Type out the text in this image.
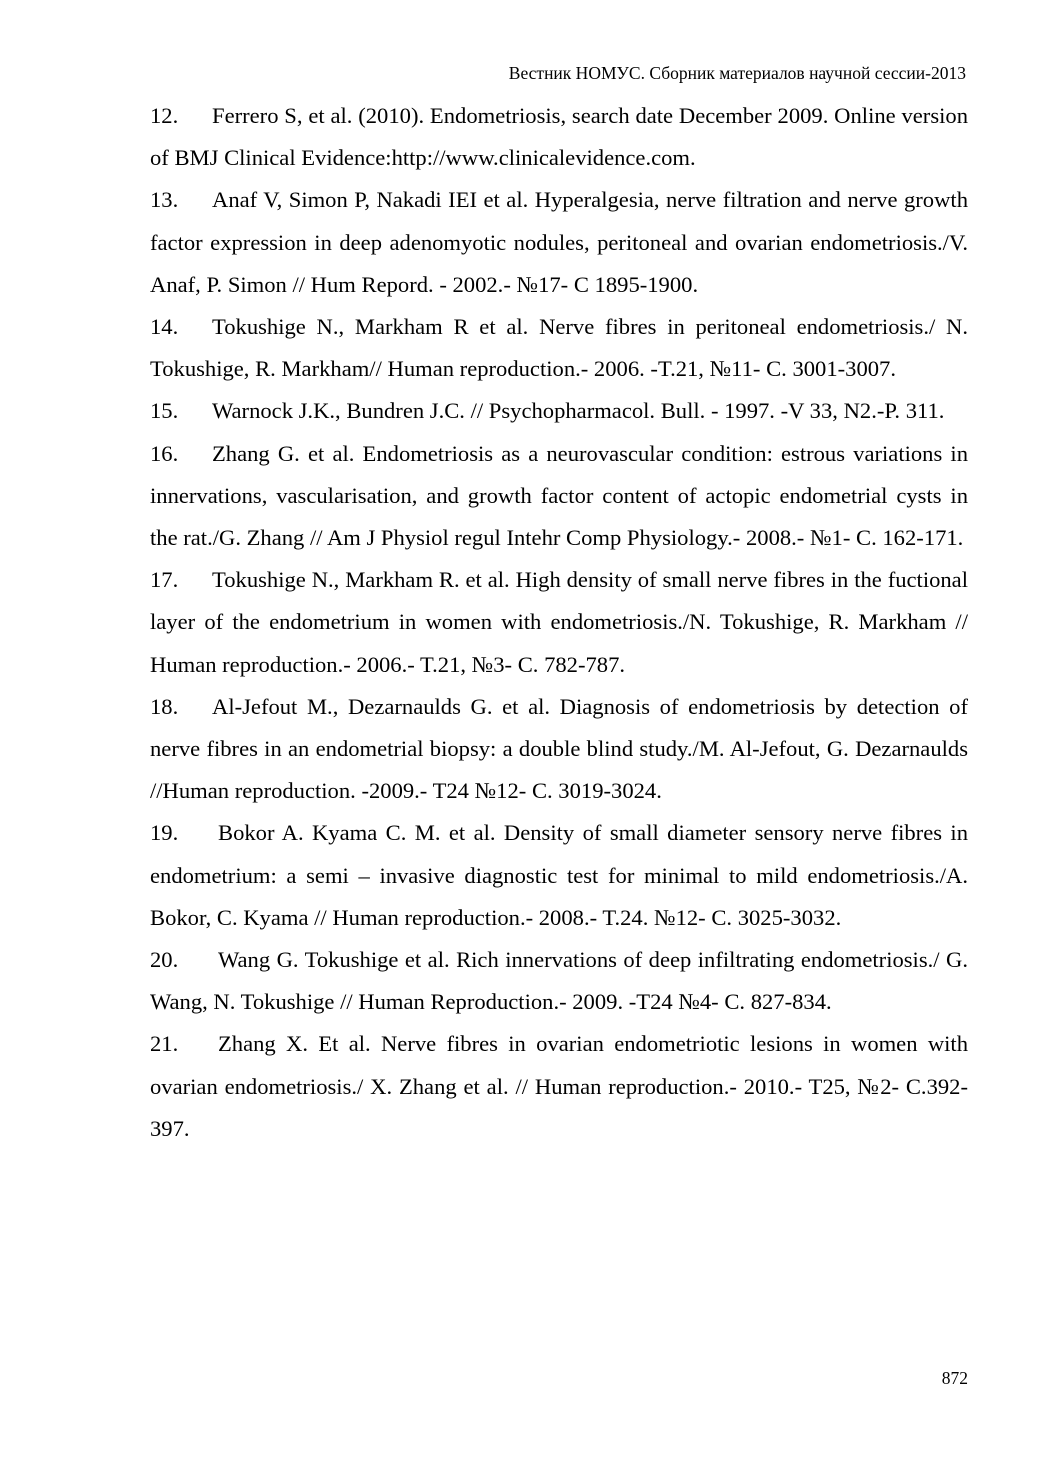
Вестник НОМУС. Сборник материалов научной сессии-2013
12. Ferrero S, et al. (2010). Endometriosis, search date December 2009. Online version of BMJ Clinical Evidence:http://www.clinicalevidence.com.
13. Anaf V, Simon P, Nakadi IEI et al. Hyperalgesia, nerve filtration and nerve growth factor expression in deep adenomyotic nodules, peritoneal and ovarian endometriosis./V. Anaf, P. Simon // Hum Repord. - 2002.- №17- C 1895-1900.
14. Tokushige N., Markham R et al. Nerve fibres in peritoneal endometriosis./ N. Tokushige, R. Markham// Human reproduction.- 2006. -T.21, №11- C. 3001-3007.
15. Warnock J.K., Bundren J.C. // Psychopharmacol. Bull. - 1997. -V 33, N2.-P. 311.
16. Zhang G. et al. Endometriosis as a neurovascular condition: estrous variations in innervations, vascularisation, and growth factor content of actopic endometrial cysts in the rat./G. Zhang // Am J Physiol regul Intehr Comp Physiology.- 2008.- №1- C. 162-171.
17. Tokushige N., Markham R. et al. High density of small nerve fibres in the fuctional layer of the endometrium in women with endometriosis./N. Tokushige, R. Markham // Human reproduction.- 2006.- T.21, №3- C. 782-787.
18. Al-Jefout M., Dezarnaulds G. et al. Diagnosis of endometriosis by detection of nerve fibres in an endometrial biopsy: a double blind study./M. Al-Jefout, G. Dezarnaulds //Human reproduction. -2009.- T24 №12- C. 3019-3024.
19. Bokor A. Kyama C. M. et al. Density of small diameter sensory nerve fibres in endometrium: a semi – invasive diagnostic test for minimal to mild endometriosis./A. Bokor, C. Kyama // Human reproduction.- 2008.- T.24. №12- C. 3025-3032.
20. Wang G. Tokushige et al. Rich innervations of deep infiltrating endometriosis./ G. Wang, N. Tokushige // Human Reproduction.- 2009. -T24 №4- C. 827-834.
21. Zhang X. Et al. Nerve fibres in ovarian endometriotic lesions in women with ovarian endometriosis./ X. Zhang et al. // Human reproduction.- 2010.- T25, №2- C.392-397.
872
